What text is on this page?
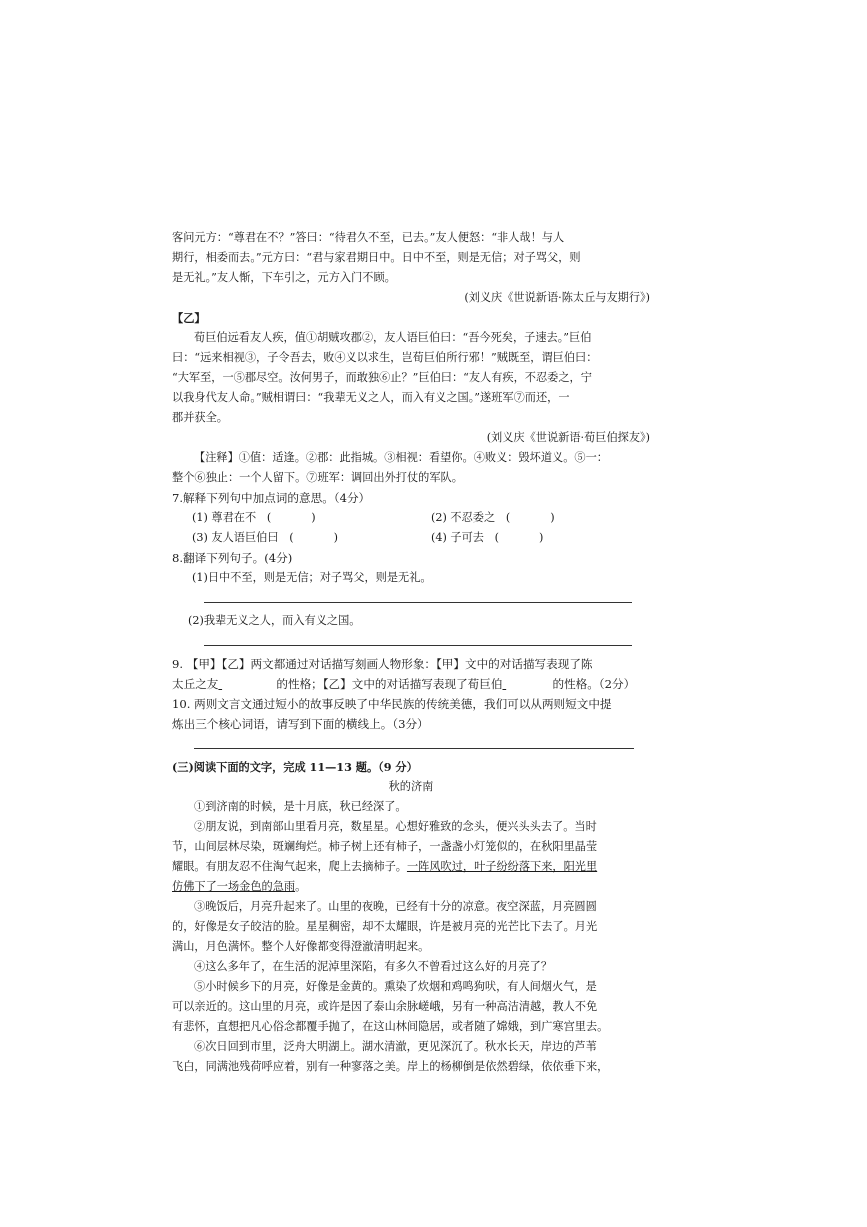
客问元方：“尊君在不？”答曰：“待君久不至，已去。”友人便怒：“非人哉！与人

期行，相委而去。”元方曰：“君与家君期日中。日中不至，则是无信；对子骂父，则

是无礼。”友人惭，下车引之，元方入门不顾。

(刘义庆《世说新语·陈太丘与友期行》)

【乙】

荀巨伯远看友人疾，值①胡贼攻郡②，友人语巨伯曰：“吾今死矣，子速去。”巨伯

曰：“远来相视③，子令吾去，败④义以求生，岂荀巨伯所行邪！”贼既至，谓巨伯曰：

“大军至，一⑤郡尽空。汝何男子，而敢独⑥止？”巨伯曰：“友人有疾，不忍委之，宁

以我身代友人命。”贼相谓曰：“我辈无义之人，而入有义之国。”遂班军⑦而还，一

郡并获全。

(刘义庆《世说新语·荀巨伯探友》)

【注释】①值：适逢。②郡：此指城。③相视：看望你。④败义：毁坏道义。⑤一：

整个⑥独止：一个人留下。⑦班军：调回出外打仗的军队。

7.解释下列句中加点词的意思。（4分）

(1) 尊君在不 (	)	(2) 不忍委之 (	)
(3) 友人语巨伯曰 (	)	(4) 子可去 (	)

8.翻译下列句子。(4分)

(1)日中不至，则是无信；对子骂父，则是无礼。

(2)我辈无义之人，而入有义之国。

9. 【甲】【乙】两文都通过对话描写刻画人物形象：【甲】文中的对话描写表现了陈

太丘之友	的性格；【乙】文中的对话描写表现了荀巨伯	的性格。（2分）

10. 两则文言文通过短小的故事反映了中华民族的传统美德，我们可以从两则短文中提

炼出三个核心词语，请写到下面的横线上。（3分）

(三)阅读下面的文字，完成 11—13 题。（9 分）

秋的济南

①到济南的时候，是十月底，秋已经深了。

②朋友说，到南部山里看月亮，数星星。心想好雅致的念头，便兴头头去了。当时

节，山间层林尽染，斑斓绚烂。柿子树上还有柿子，一盏盏小灯笼似的，在秋阳里晶莹

耀眼。有朋友忍不住淘气起来，爬上去摘柿子。一阵风吹过，叶子纷纷落下来，阳光里

仿佛下了一场金色的急雨。

③晚饭后，月亮升起来了。山里的夜晚，已经有十分的凉意。夜空深蓝，月亮圆圆

的，好像是女子皎洁的脸。星星稠密，却不太耀眼，许是被月亮的光芒比下去了。月光

满山，月色满怀。整个人好像都变得澄澈清明起来。

④这么多年了，在生活的泥淖里深陷，有多久不曾看过这么好的月亮了？

⑤小时候乡下的月亮，好像是金黄的。熏染了炊烟和鸡鸣狗吠，有人间烟火气，是

可以亲近的。这山里的月亮，或许是因了泰山余脉嵯峨，另有一种高洁清越，教人不免

有悲怀，直想把凡心俗念都覆手抛了，在这山林间隐居，或者随了嫦娥，到广寒宫里去。

⑥次日回到市里，泛舟大明湖上。湖水清澈，更见深沉了。秋水长天，岸边的芦苇

飞白，同满池残荷呼应着，别有一种寥落之美。岸上的杨柳倒是依然碧绿，依依垂下来，
